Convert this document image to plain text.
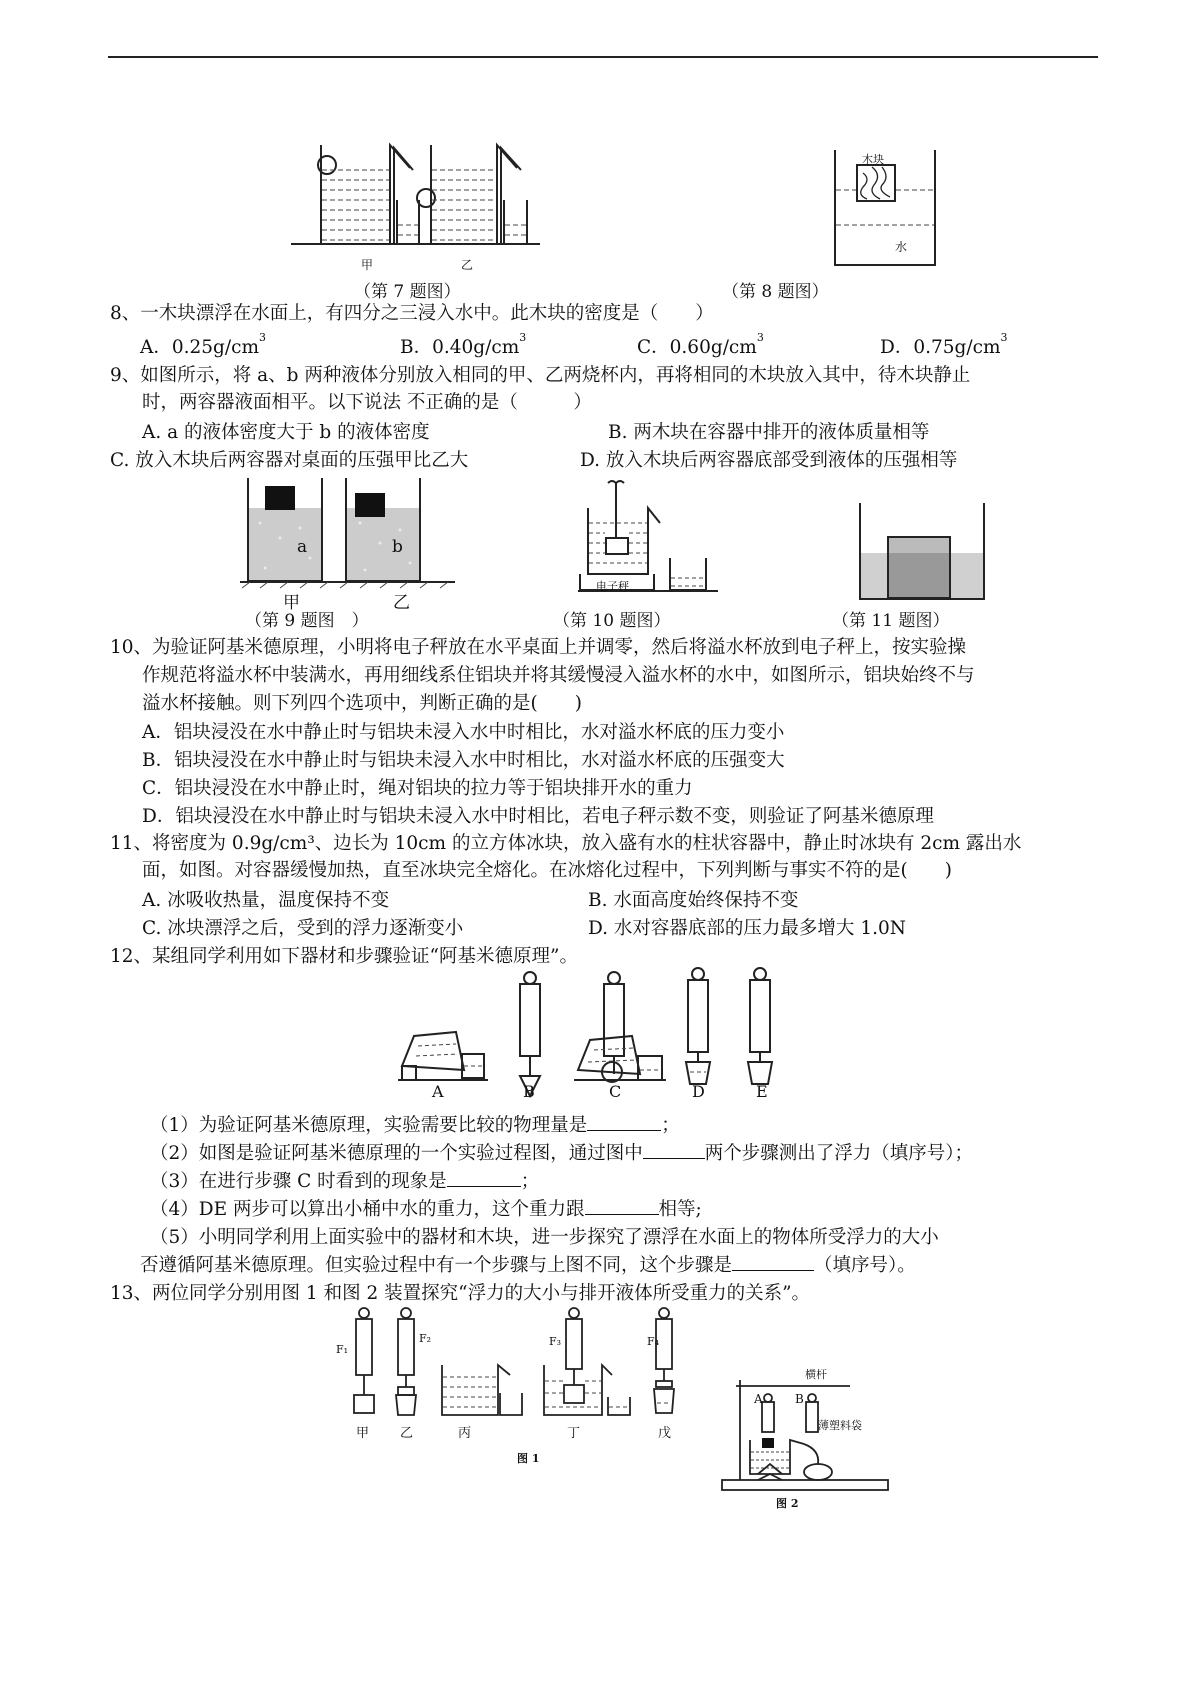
甲	乙
（第 7 题图）
木块
水
（第 8 题图）
8、一木块漂浮在水面上，有四分之三浸入水中。此木块的密度是（　　）
A．$0.25g/cm^3$	B．$0.40g/cm^3$	C．$0.60g/cm^3$	D．$0.75g/cm^3$
9、如图所示，将 a、b 两种液体分别放入相同的甲、乙两烧杯内，再将相同的木块放入其中，待木块静止
时，两容器液面相平。以下说法 不正确的是（　　　）
A. a 的液体密度大于 b 的液体密度	B. 两木块在容器中排开的液体质量相等
C. 放入木块后两容器对桌面的压强甲比乙大	D. 放入木块后两容器底部受到液体的压强相等
a	b
甲	乙
（第 9 题图　）
电子秤
（第 10 题图）	（第 11 题图）
10、为验证阿基米德原理，小明将电子秤放在水平桌面上并调零，然后将溢水杯放到电子秤上，按实验操
作规范将溢水杯中装满水，再用细线系住铝块并将其缓慢浸入溢水杯的水中，如图所示，铝块始终不与
溢水杯接触。则下列四个选项中，判断正确的是(　　)
A．铝块浸没在水中静止时与铝块未浸入水中时相比，水对溢水杯底的压力变小
B．铝块浸没在水中静止时与铝块未浸入水中时相比，水对溢水杯底的压强变大
C．铝块浸没在水中静止时，绳对铝块的拉力等于铝块排开水的重力
D．铝块浸没在水中静止时与铝块未浸入水中时相比，若电子秤示数不变，则验证了阿基米德原理
11、将密度为 0.9g/cm³、边长为 10cm 的立方体冰块，放入盛有水的柱状容器中，静止时冰块有 2cm 露出水
面，如图。对容器缓慢加热，直至冰块完全熔化。在冰熔化过程中，下列判断与事实不符的是(　　)
A. 冰吸收热量，温度保持不变	B. 水面高度始终保持不变
C. 冰块漂浮之后，受到的浮力逐渐变小	D. 水对容器底部的压力最多增大 1.0N
12、某组同学利用如下器材和步骤验证“阿基米德原理”。
A	B	C	D	E
（1）为验证阿基米德原理，实验需要比较的物理量是	；
（2）如图是验证阿基米德原理的一个实验过程图，通过图中	两个步骤测出了浮力（填序号）；
（3）在进行步骤 C 时看到的现象是	；
（4）DE 两步可以算出小桶中水的重力，这个重力跟	相等;
（5）小明同学利用上面实验中的器材和木块，进一步探究了漂浮在水面上的物体所受浮力的大小
否遵循阿基米德原理。但实验过程中有一个步骤与上图不同，这个步骤是	（填序号）。
13、两位同学分别用图 1 和图 2 装置探究“浮力的大小与排开液体所受重力的关系”。
F₁
F₂	F₃	F₄
甲 乙	丙	丁	戊
图 1
横杆
A	B
薄塑料袋
图 2
